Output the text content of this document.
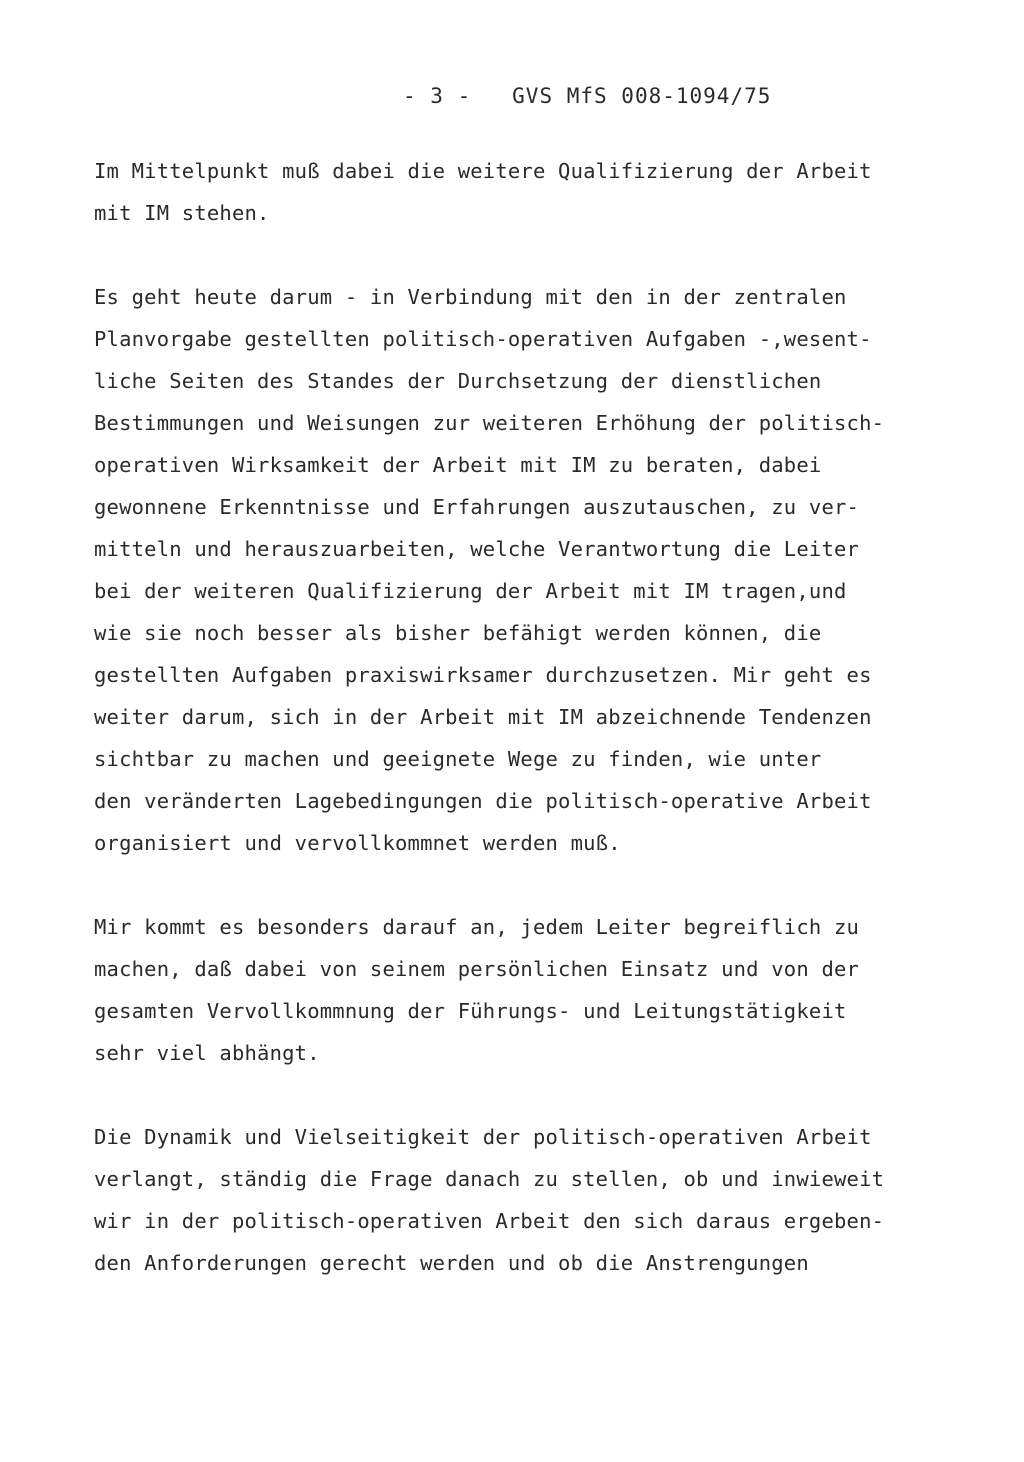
- 3 - GVS MfS 008-1094/75
Im Mittelpunkt muß dabei die weitere Qualifizierung der Arbeit
mit IM stehen.
Es geht heute darum - in Verbindung mit den in der zentralen
Planvorgabe gestellten politisch-operativen Aufgaben -,wesent-
liche Seiten des Standes der Durchsetzung der dienstlichen
Bestimmungen und Weisungen zur weiteren Erhöhung der politisch-
operativen Wirksamkeit der Arbeit mit IM zu beraten, dabei
gewonnene Erkenntnisse und Erfahrungen auszutauschen, zu ver-
mitteln und herauszuarbeiten, welche Verantwortung die Leiter
bei der weiteren Qualifizierung der Arbeit mit IM tragen,und
wie sie noch besser als bisher befähigt werden können, die
gestellten Aufgaben praxiswirksamer durchzusetzen. Mir geht es
weiter darum, sich in der Arbeit mit IM abzeichnende Tendenzen
sichtbar zu machen und geeignete Wege zu finden, wie unter
den veränderten Lagebedingungen die politisch-operative Arbeit
organisiert und vervollkommnet werden muß.
Mir kommt es besonders darauf an, jedem Leiter begreiflich zu
machen, daß dabei von seinem persönlichen Einsatz und von der
gesamten Vervollkommnung der Führungs- und Leitungstätigkeit
sehr viel abhängt.
Die Dynamik und Vielseitigkeit der politisch-operativen Arbeit
verlangt, ständig die Frage danach zu stellen, ob und inwieweit
wir in der politisch-operativen Arbeit den sich daraus ergeben-
den Anforderungen gerecht werden und ob die Anstrengungen
